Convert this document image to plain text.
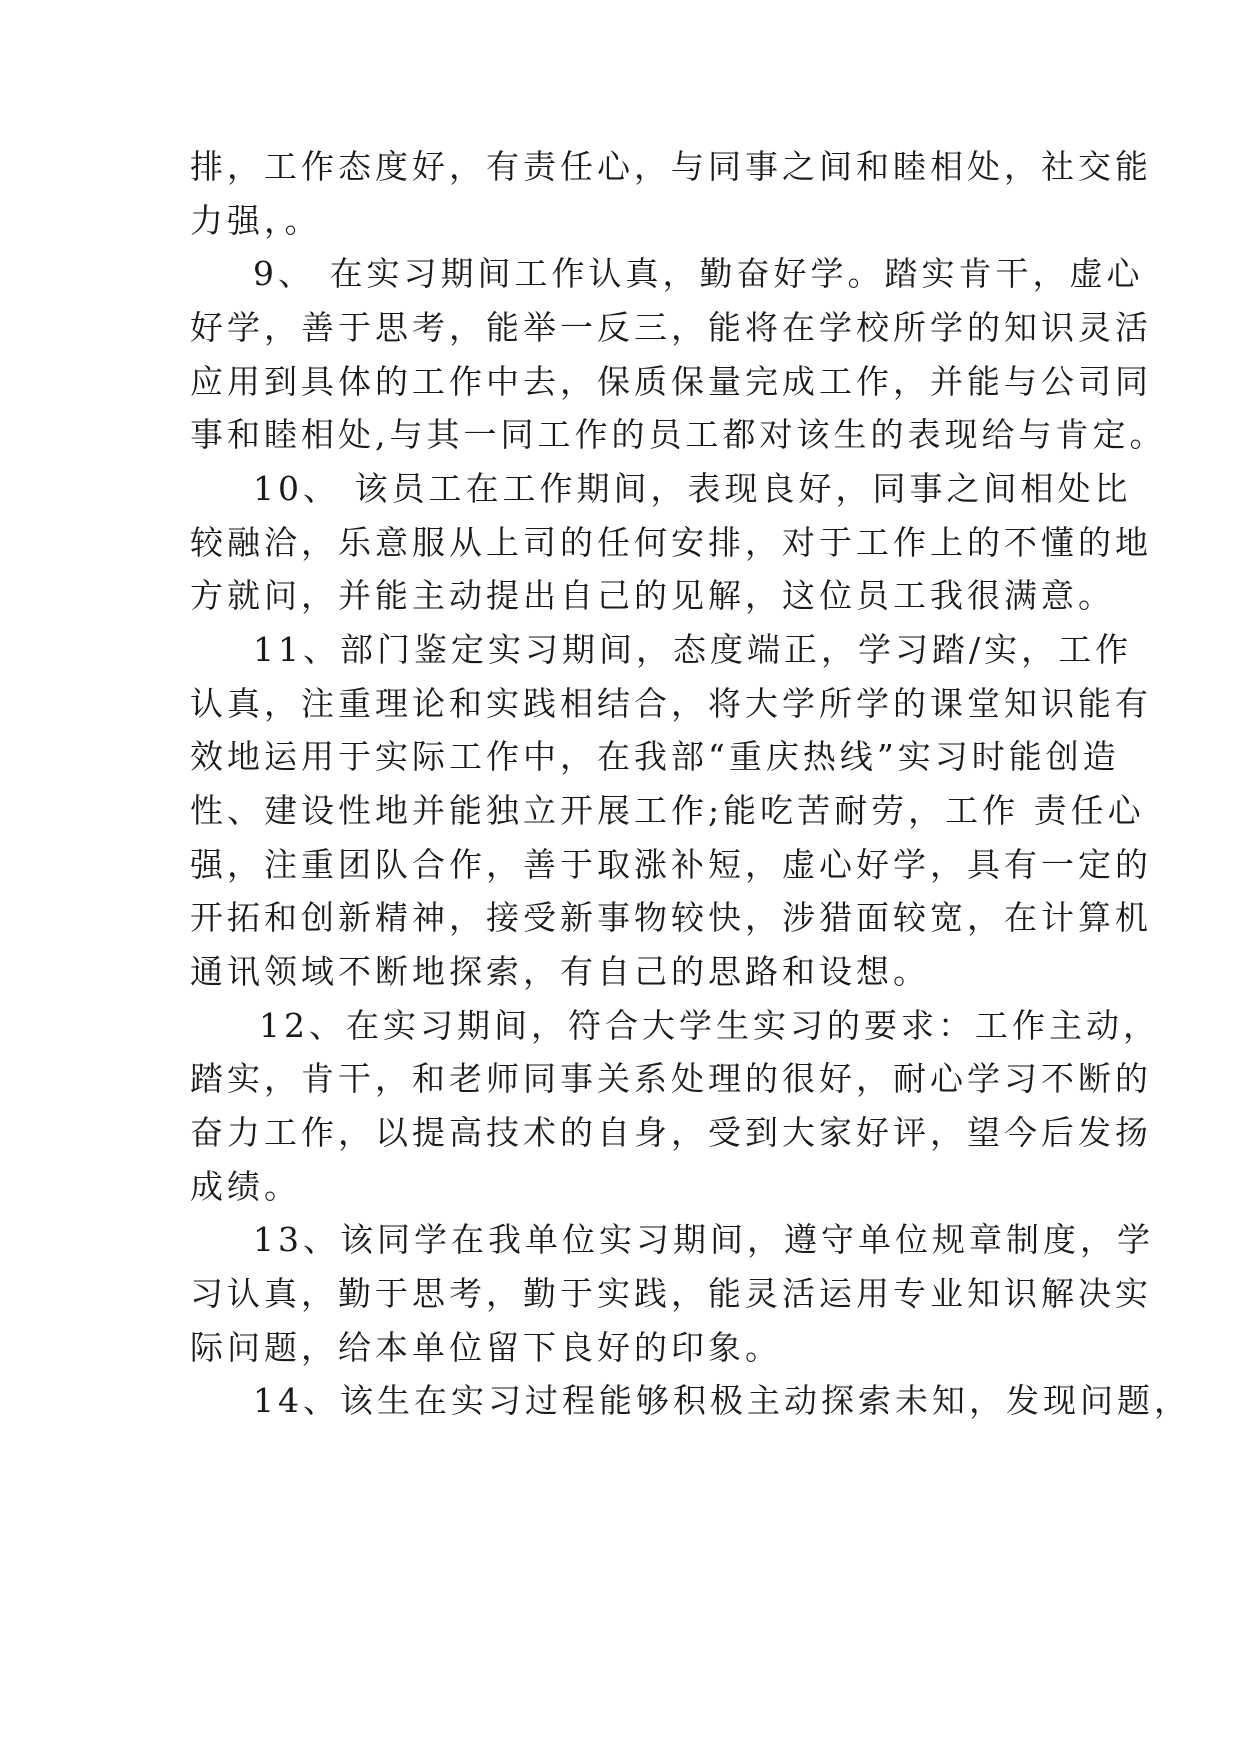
排，工作态度好，有责任心，与同事之间和睦相处，社交能
力强，。
9、 在实习期间工作认真，勤奋好学。踏实肯干，虚心
好学，善于思考，能举一反三，能将在学校所学的知识灵活
应用到具体的工作中去，保质保量完成工作，并能与公司同
事和睦相处,与其一同工作的员工都对该生的表现给与肯定。
10、 该员工在工作期间，表现良好，同事之间相处比
较融洽，乐意服从上司的任何安排，对于工作上的不懂的地
方就问，并能主动提出自己的见解，这位员工我很满意。
11、部门鉴定实习期间，态度端正，学习踏/实，工作
认真，注重理论和实践相结合，将大学所学的课堂知识能有
效地运用于实际工作中，在我部“重庆热线”实习时能创造
性、建设性地并能独立开展工作;能吃苦耐劳，工作 责任心
强，注重团队合作，善于取涨补短，虚心好学，具有一定的
开拓和创新精神，接受新事物较快，涉猎面较宽，在计算机
通讯领域不断地探索，有自己的思路和设想。
12、在实习期间，符合大学生实习的要求：工作主动，
踏实，肯干，和老师同事关系处理的很好，耐心学习不断的
奋力工作，以提高技术的自身，受到大家好评，望今后发扬
成绩。
13、该同学在我单位实习期间，遵守单位规章制度，学
习认真，勤于思考，勤于实践，能灵活运用专业知识解决实
际问题，给本单位留下良好的印象。
14、该生在实习过程能够积极主动探索未知，发现问题，
